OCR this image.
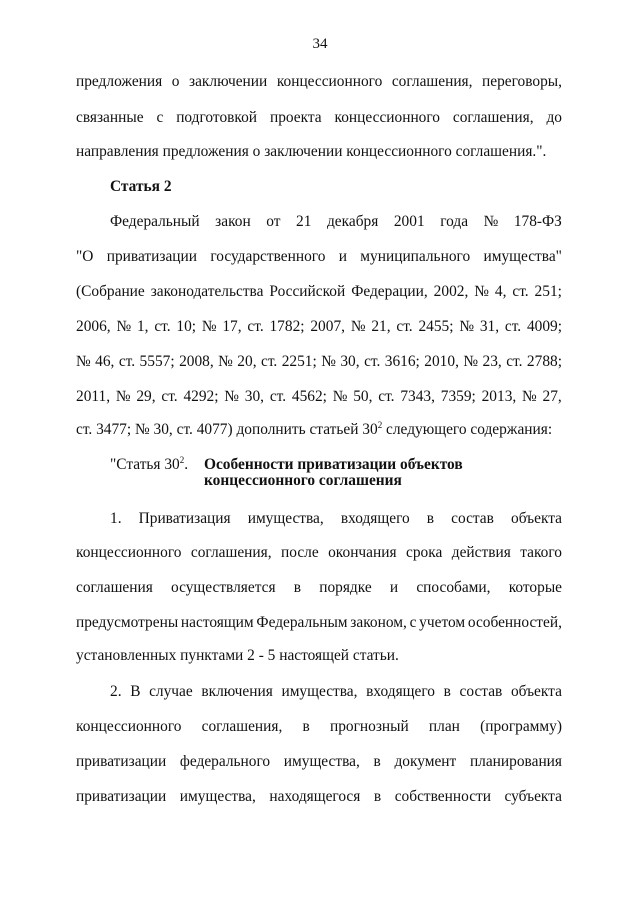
34
предложения о заключении концессионного соглашения, переговоры,
связанные с подготовкой проекта концессионного соглашения, до
направления предложения о заключении концессионного соглашения.".
Статья 2
Федеральный закон от 21 декабря 2001 года № 178-ФЗ
"О приватизации государственного и муниципального имущества"
(Собрание законодательства Российской Федерации, 2002, № 4, ст. 251;
2006, № 1, ст. 10; № 17, ст. 1782; 2007, № 21, ст. 2455; № 31, ст. 4009;
№ 46, ст. 5557; 2008, № 20, ст. 2251; № 30, ст. 3616; 2010, № 23, ст. 2788;
2011, № 29, ст. 4292; № 30, ст. 4562; № 50, ст. 7343, 7359; 2013, № 27,
ст. 3477; № 30, ст. 4077) дополнить статьей $30^2$ следующего содержания:
"Статья $30^2$. Особенности приватизации объектов
концессионного соглашения
1. Приватизация имущества, входящего в состав объекта
концессионного соглашения, после окончания срока действия такого
соглашения осуществляется в порядке и способами, которые
предусмотрены настоящим Федеральным законом, с учетом особенностей,
установленных пунктами 2 - 5 настоящей статьи.
2. В случае включения имущества, входящего в состав объекта
концессионного соглашения, в прогнозный план (программу)
приватизации федерального имущества, в документ планирования
приватизации имущества, находящегося в собственности субъекта
